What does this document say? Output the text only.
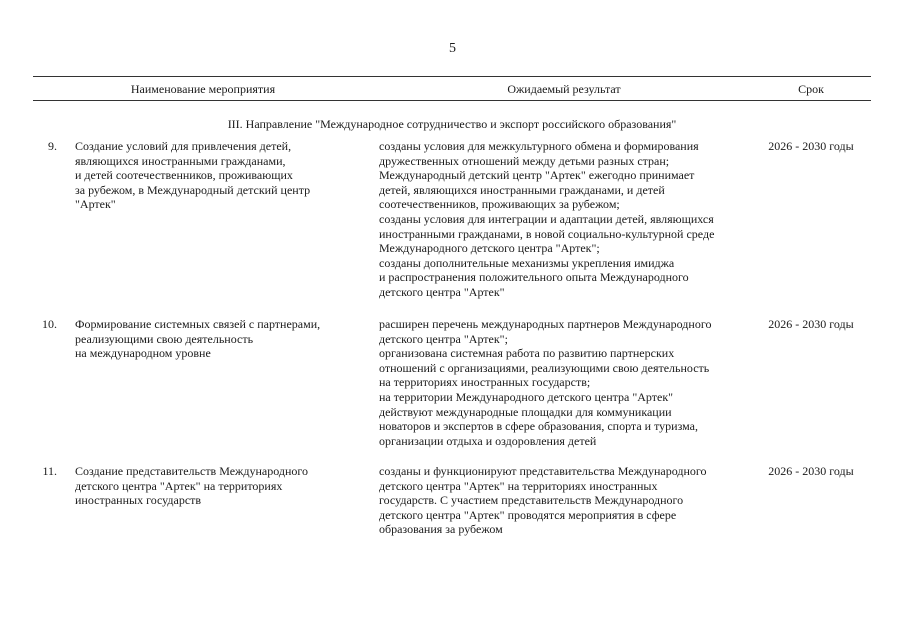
5
Наименование мероприятия	Ожидаемый результат	Срок
III. Направление "Международное сотрудничество и экспорт российского образования"
9. Создание условий для привлечения детей,
являющихся иностранными гражданами,
и детей соотечественников, проживающих
за рубежом, в Международный детский центр
"Артек"
созданы условия для межкультурного обмена и формирования
дружественных отношений между детьми разных стран;
Международный детский центр "Артек" ежегодно принимает
детей, являющихся иностранными гражданами, и детей
соотечественников, проживающих за рубежом;
созданы условия для интеграции и адаптации детей, являющихся
иностранными гражданами, в новой социально-культурной среде
Международного детского центра "Артек";
созданы дополнительные механизмы укрепления имиджа
и распространения положительного опыта Международного
детского центра "Артек"
2026 - 2030 годы
10. Формирование системных связей с партнерами,
реализующими свою деятельность
на международном уровне
расширен перечень международных партнеров Международного
детского центра "Артек";
организована системная работа по развитию партнерских
отношений с организациями, реализующими свою деятельность
на территориях иностранных государств;
на территории Международного детского центра "Артек"
действуют международные площадки для коммуникации
новаторов и экспертов в сфере образования, спорта и туризма,
организации отдыха и оздоровления детей
2026 - 2030 годы
11. Создание представительств Международного
детского центра "Артек" на территориях
иностранных государств
созданы и функционируют представительства Международного
детского центра "Артек" на территориях иностранных
государств. С участием представительств Международного
детского центра "Артек" проводятся мероприятия в сфере
образования за рубежом
2026 - 2030 годы
